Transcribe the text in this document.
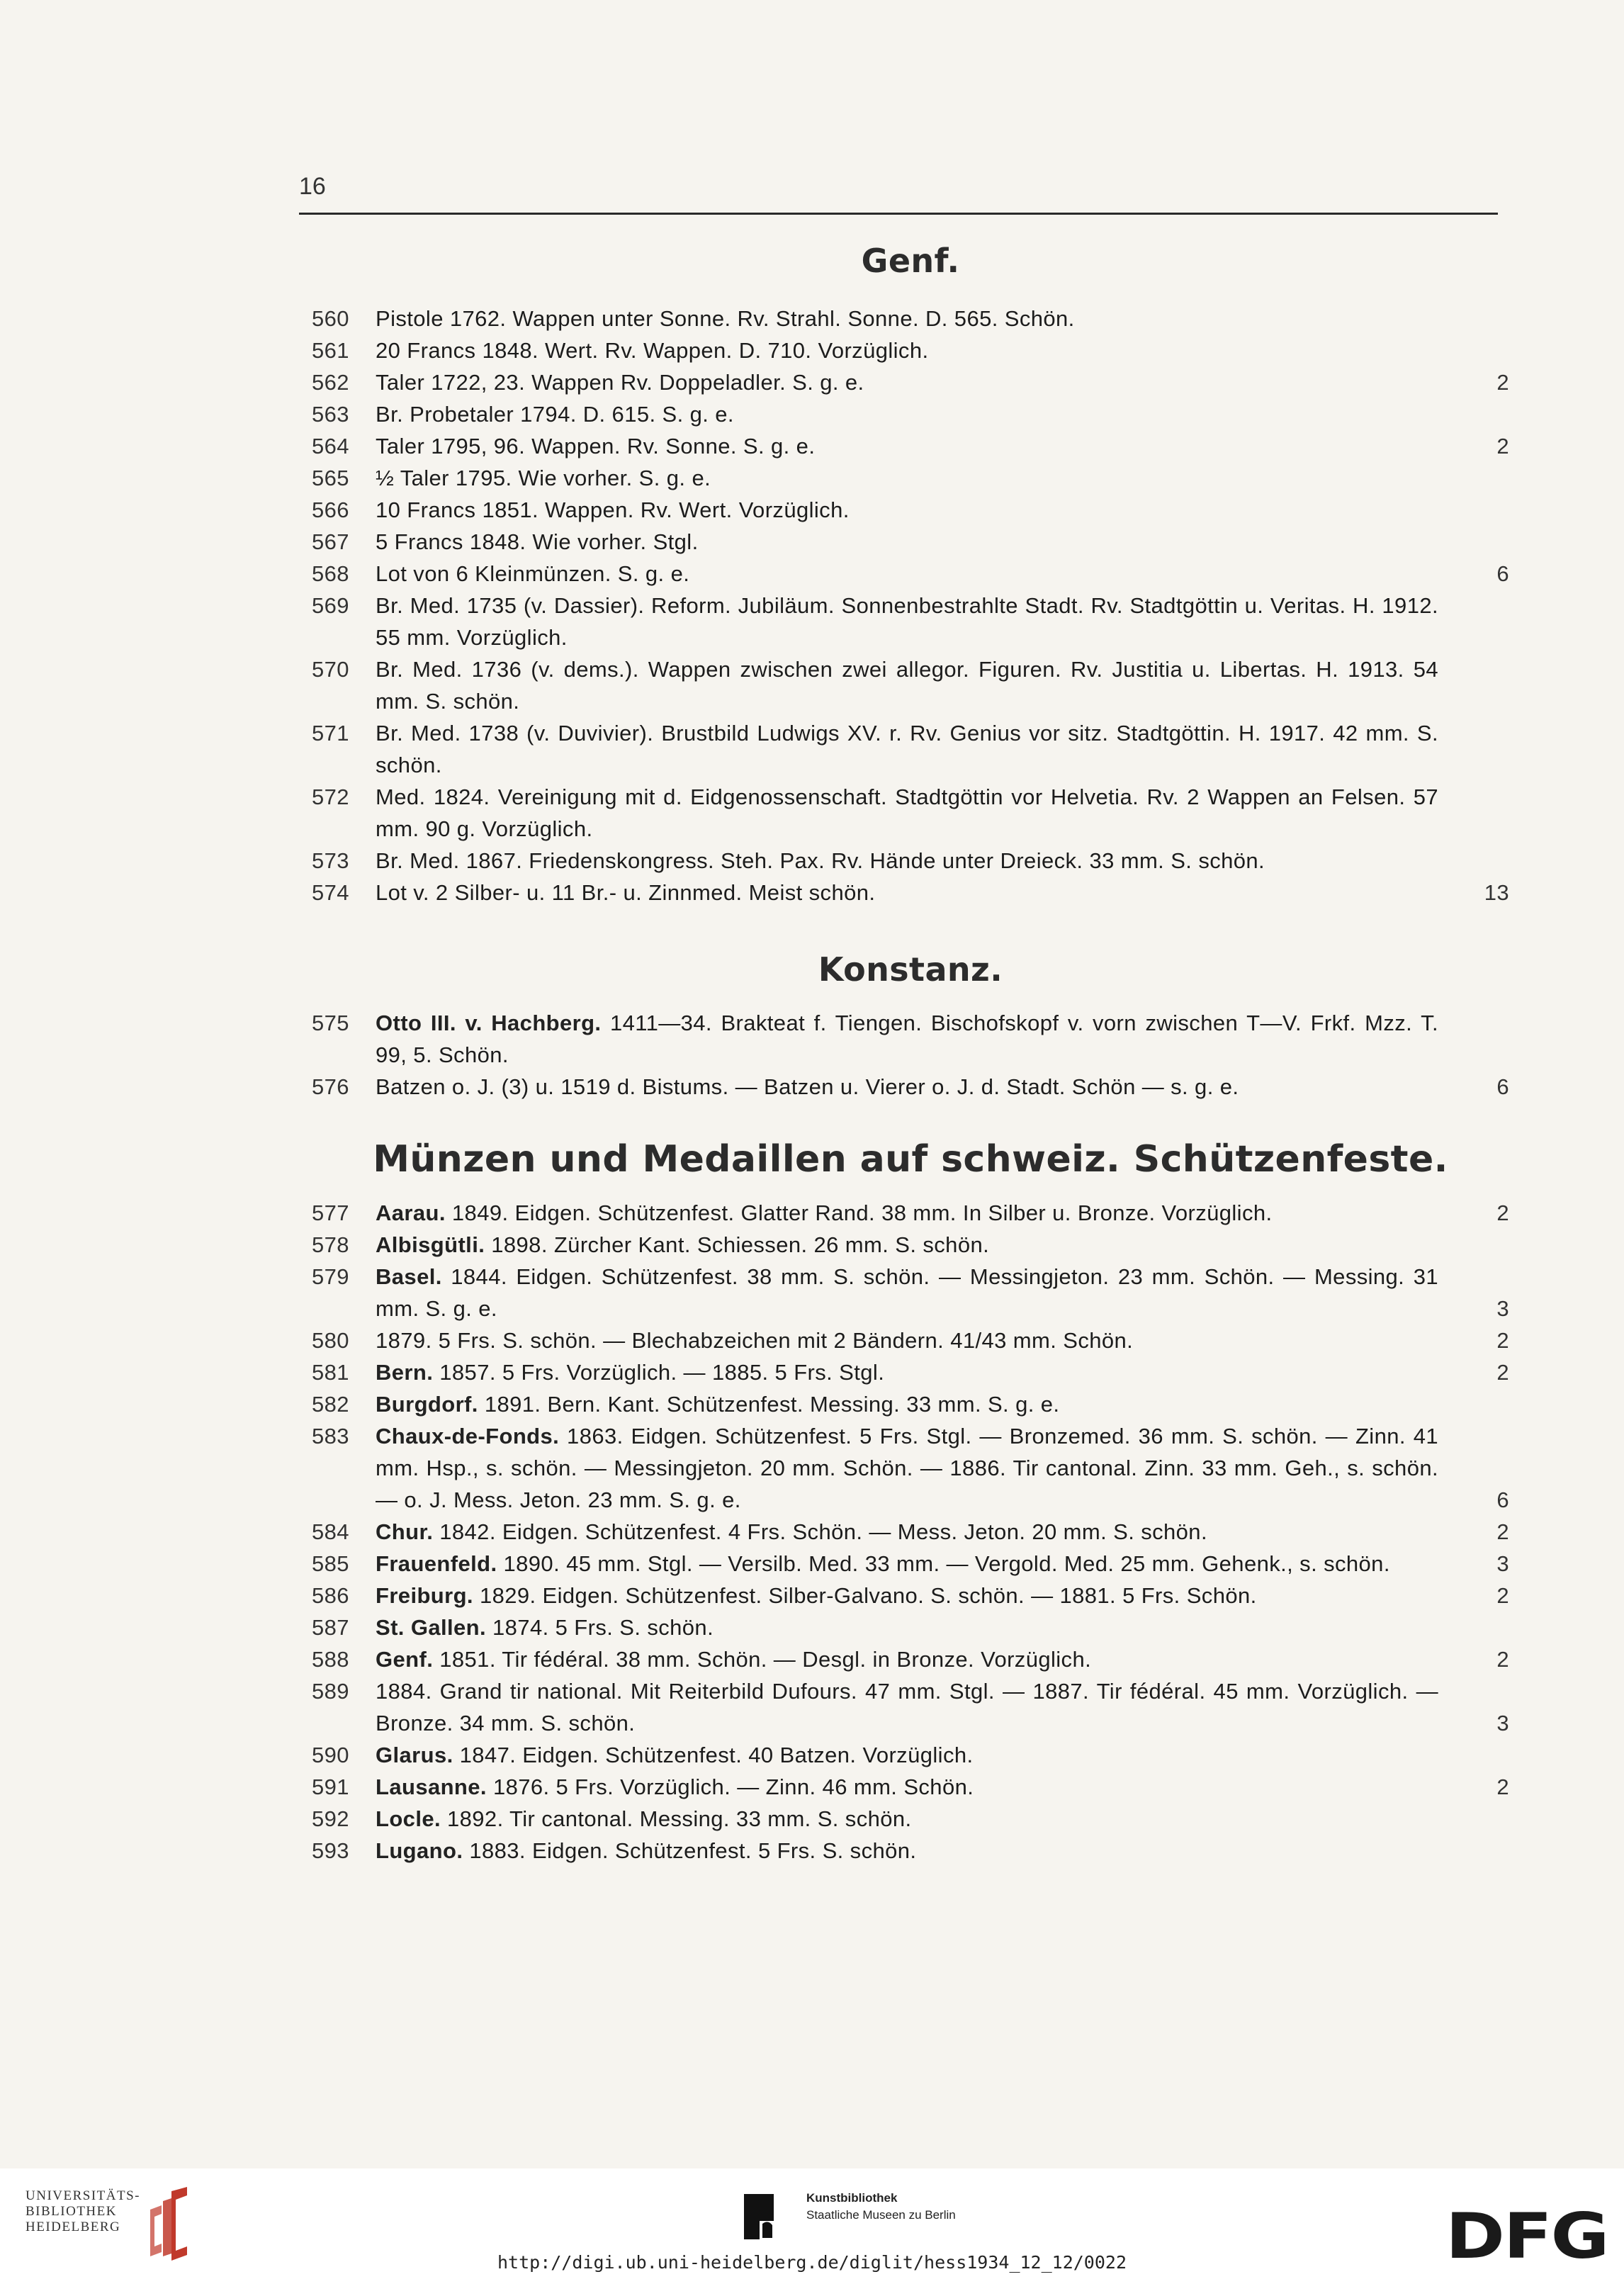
16
Genf.
560	Pistole 1762. Wappen unter Sonne. Rv. Strahl. Sonne. D. 565. Schön.
561	20 Francs 1848. Wert. Rv. Wappen. D. 710. Vorzüglich.
562	Taler 1722, 23. Wappen Rv. Doppeladler. S. g. e.	2
563	Br. Probetaler 1794. D. 615. S. g. e.
564	Taler 1795, 96. Wappen. Rv. Sonne. S. g. e.	2
565	½ Taler 1795. Wie vorher. S. g. e.
566	10 Francs 1851. Wappen. Rv. Wert. Vorzüglich.
567	5 Francs 1848. Wie vorher. Stgl.
568	Lot von 6 Kleinmünzen. S. g. e.	6
569	Br. Med. 1735 (v. Dassier). Reform. Jubiläum. Sonnenbestrahlte Stadt. Rv. Stadtgöttin u. Veritas. H. 1912. 55 mm. Vorzüglich.
570	Br. Med. 1736 (v. dems.). Wappen zwischen zwei allegor. Figuren. Rv. Justitia u. Libertas. H. 1913. 54 mm. S. schön.
571	Br. Med. 1738 (v. Duvivier). Brustbild Ludwigs XV. r. Rv. Genius vor sitz. Stadtgöttin. H. 1917. 42 mm. S. schön.
572	Med. 1824. Vereinigung mit d. Eidgenossenschaft. Stadtgöttin vor Helvetia. Rv. 2 Wappen an Felsen. 57 mm. 90 g. Vorzüglich.
573	Br. Med. 1867. Friedenskongress. Steh. Pax. Rv. Hände unter Dreieck. 33 mm. S. schön.
574	Lot v. 2 Silber- u. 11 Br.- u. Zinnmed. Meist schön.	13
Konstanz.
575	Otto III. v. Hachberg. 1411—34. Brakteat f. Tiengen. Bischofskopf v. vorn zwischen T—V. Frkf. Mzz. T. 99, 5. Schön.
576	Batzen o. J. (3) u. 1519 d. Bistums. — Batzen u. Vierer o. J. d. Stadt. Schön — s. g. e.	6
Münzen und Medaillen auf schweiz. Schützenfeste.
577	Aarau. 1849. Eidgen. Schützenfest. Glatter Rand. 38 mm. In Silber u. Bronze. Vorzüglich.	2
578	Albisgütli. 1898. Zürcher Kant. Schiessen. 26 mm. S. schön.
579	Basel. 1844. Eidgen. Schützenfest. 38 mm. S. schön. — Messingjeton. 23 mm. Schön. — Messing. 31 mm. S. g. e.	3
580	1879. 5 Frs. S. schön. — Blechabzeichen mit 2 Bändern. 41/43 mm. Schön.	2
581	Bern. 1857. 5 Frs. Vorzüglich. — 1885. 5 Frs. Stgl.	2
582	Burgdorf. 1891. Bern. Kant. Schützenfest. Messing. 33 mm. S. g. e.
583	Chaux-de-Fonds. 1863. Eidgen. Schützenfest. 5 Frs. Stgl. — Bronzemed. 36 mm. S. schön. — Zinn. 41 mm. Hsp., s. schön. — Messingjeton. 20 mm. Schön. — 1886. Tir cantonal. Zinn. 33 mm. Geh., s. schön. — o. J. Mess. Jeton. 23 mm. S. g. e.	6
584	Chur. 1842. Eidgen. Schützenfest. 4 Frs. Schön. — Mess. Jeton. 20 mm. S. schön.	2
585	Frauenfeld. 1890. 45 mm. Stgl. — Versilb. Med. 33 mm. — Vergold. Med. 25 mm. Gehenk., s. schön.	3
586	Freiburg. 1829. Eidgen. Schützenfest. Silber-Galvano. S. schön. — 1881. 5 Frs. Schön.	2
587	St. Gallen. 1874. 5 Frs. S. schön.
588	Genf. 1851. Tir fédéral. 38 mm. Schön. — Desgl. in Bronze. Vorzüglich.	2
589	1884. Grand tir national. Mit Reiterbild Dufours. 47 mm. Stgl. — 1887. Tir fédéral. 45 mm. Vorzüglich. — Bronze. 34 mm. S. schön.	3
590	Glarus. 1847. Eidgen. Schützenfest. 40 Batzen. Vorzüglich.
591	Lausanne. 1876. 5 Frs. Vorzüglich. — Zinn. 46 mm. Schön.	2
592	Locle. 1892. Tir cantonal. Messing. 33 mm. S. schön.
593	Lugano. 1883. Eidgen. Schützenfest. 5 Frs. S. schön.
UNIVERSITÄTS-
BIBLIOTHEK
HEIDELBERG
Kunstbibliothek
Staatliche Museen zu Berlin	DFG
http://digi.ub.uni-heidelberg.de/diglit/hess1934_12_12/0022
